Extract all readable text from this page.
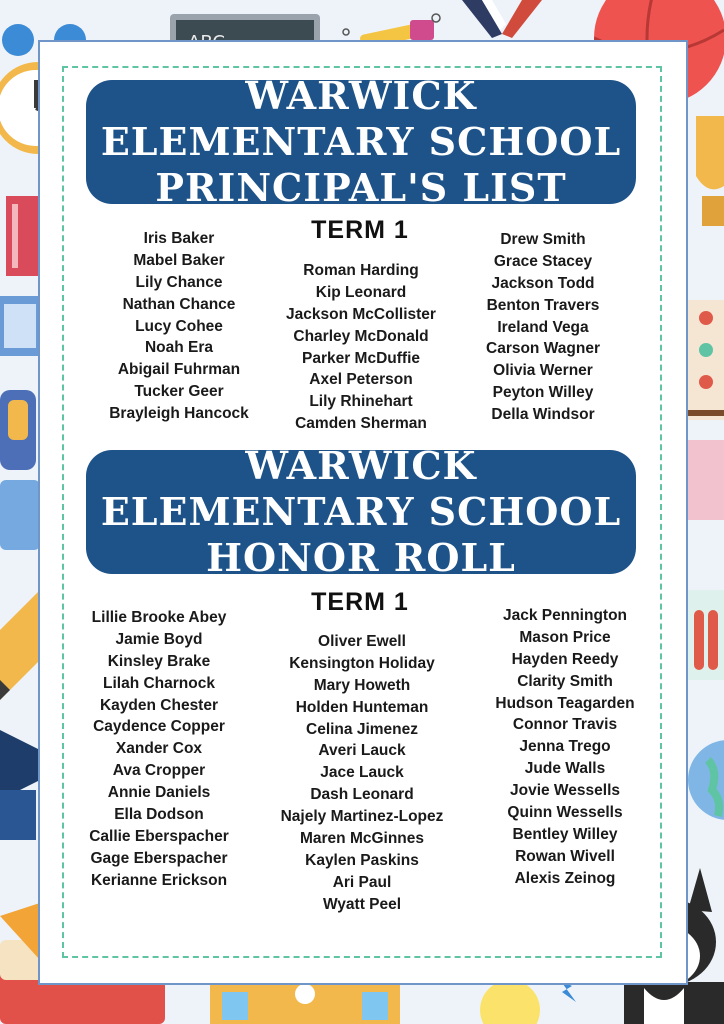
WARWICK ELEMENTARY SCHOOL
PRINCIPAL'S LIST
TERM 1
Iris Baker
Mabel Baker
Lily Chance
Nathan Chance
Lucy Cohee
Noah Era
Abigail Fuhrman
Tucker Geer
Brayleigh Hancock
Roman Harding
Kip Leonard
Jackson McCollister
Charley McDonald
Parker McDuffie
Axel Peterson
Lily Rhinehart
Camden Sherman
Drew Smith
Grace Stacey
Jackson Todd
Benton Travers
Ireland Vega
Carson Wagner
Olivia Werner
Peyton Willey
Della Windsor
WARWICK ELEMENTARY SCHOOL
HONOR ROLL
TERM 1
Lillie Brooke Abey
Jamie Boyd
Kinsley Brake
Lilah Charnock
Kayden Chester
Caydence Copper
Xander Cox
Ava Cropper
Annie Daniels
Ella Dodson
Callie Eberspacher
Gage Eberspacher
Kerianne Erickson
Oliver Ewell
Kensington Holiday
Mary Howeth
Holden Hunteman
Celina Jimenez
Averi Lauck
Jace Lauck
Dash Leonard
Najely Martinez-Lopez
Maren McGinnes
Kaylen Paskins
Ari Paul
Wyatt Peel
Jack Pennington
Mason Price
Hayden Reedy
Clarity Smith
Hudson Teagarden
Connor Travis
Jenna Trego
Jude Walls
Jovie Wessells
Quinn Wessells
Bentley Willey
Rowan Wivell
Alexis Zeinog
